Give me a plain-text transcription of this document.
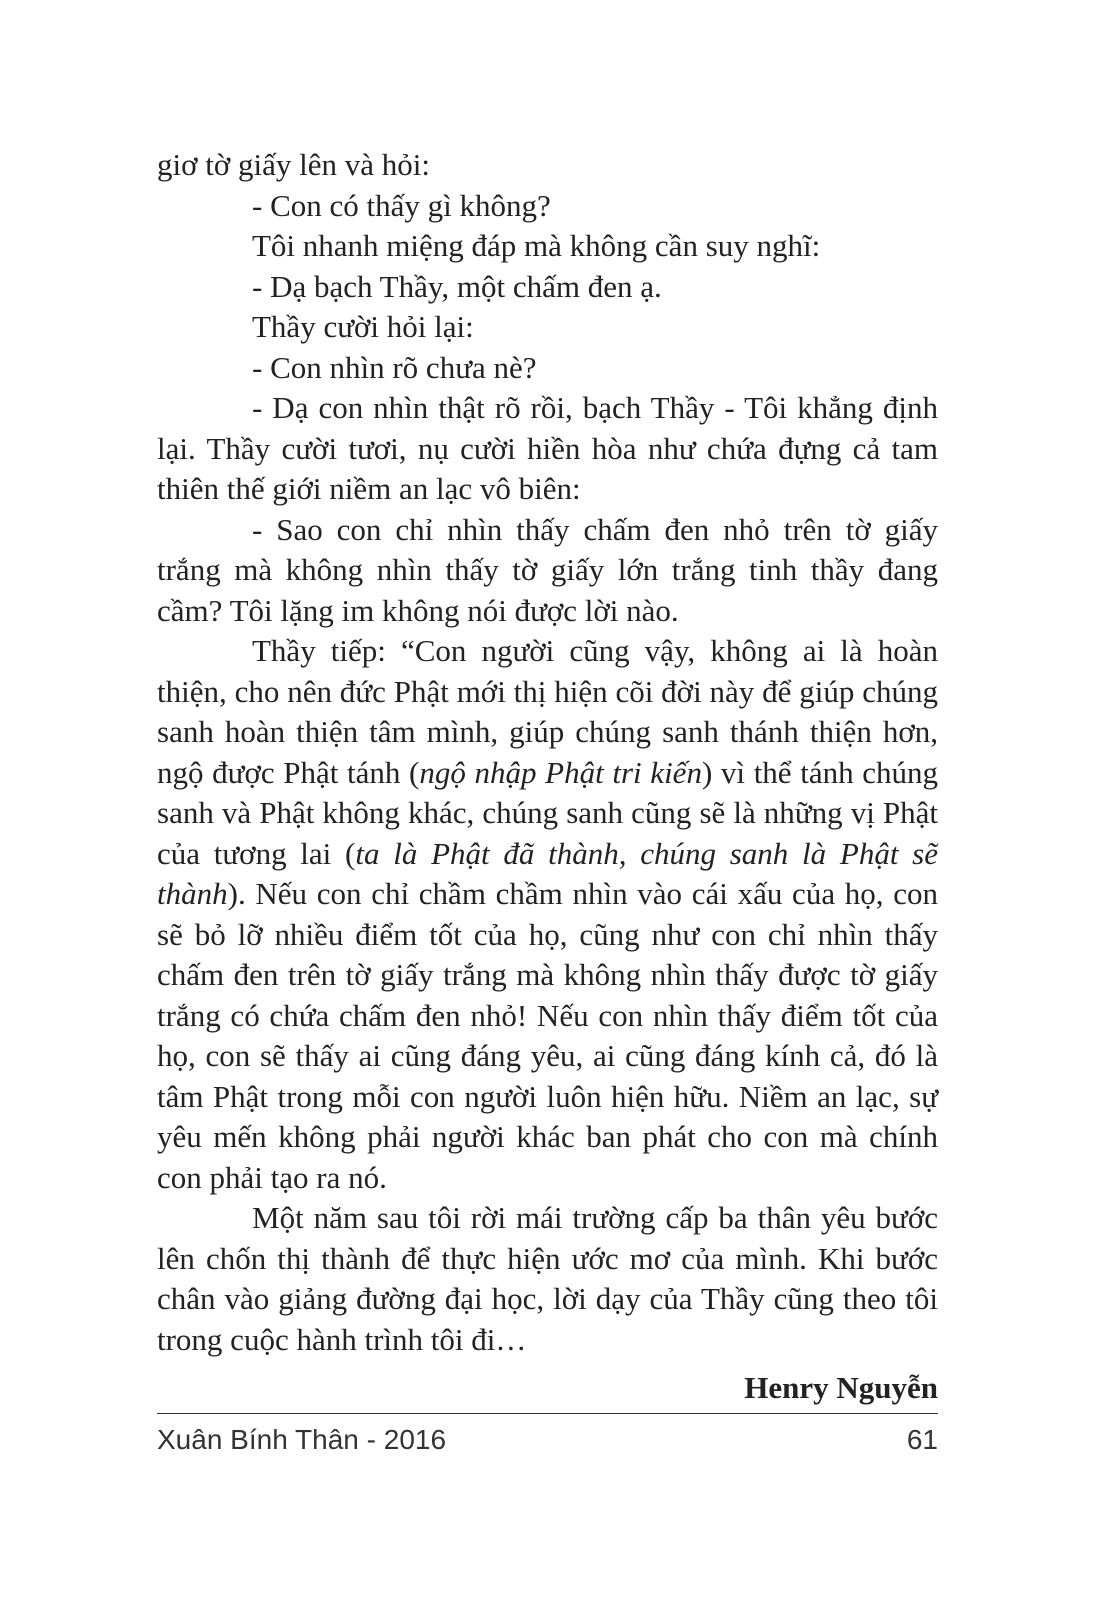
giơ tờ giấy lên và hỏi:

- Con có thấy gì không?

Tôi nhanh miệng đáp mà không cần suy nghĩ:

- Dạ bạch Thầy, một chấm đen ạ.

Thầy cười hỏi lại:

- Con nhìn rõ chưa nè?

- Dạ con nhìn thật rõ rồi, bạch Thầy - Tôi khẳng định lại. Thầy cười tươi, nụ cười hiền hòa như chứa đựng cả tam thiên thế giới niềm an lạc vô biên:

- Sao con chỉ nhìn thấy chấm đen nhỏ trên tờ giấy trắng mà không nhìn thấy tờ giấy lớn trắng tinh thầy đang cầm? Tôi lặng im không nói được lời nào.

Thầy tiếp: “Con người cũng vậy, không ai là hoàn thiện, cho nên đức Phật mới thị hiện cõi đời này để giúp chúng sanh hoàn thiện tâm mình, giúp chúng sanh thánh thiện hơn, ngộ được Phật tánh (ngộ nhập Phật tri kiến) vì thể tánh chúng sanh và Phật không khác, chúng sanh cũng sẽ là những vị Phật của tương lai (ta là Phật đã thành, chúng sanh là Phật sẽ thành). Nếu con chỉ chầm chầm nhìn vào cái xấu của họ, con sẽ bỏ lỡ nhiều điểm tốt của họ, cũng như con chỉ nhìn thấy chấm đen trên tờ giấy trắng mà không nhìn thấy được tờ giấy trắng có chứa chấm đen nhỏ! Nếu con nhìn thấy điểm tốt của họ, con sẽ thấy ai cũng đáng yêu, ai cũng đáng kính cả, đó là tâm Phật trong mỗi con người luôn hiện hữu. Niềm an lạc, sự yêu mến không phải người khác ban phát cho con mà chính con phải tạo ra nó.

Một năm sau tôi rời mái trường cấp ba thân yêu bước lên chốn thị thành để thực hiện ước mơ của mình. Khi bước chân vào giảng đường đại học, lời dạy của Thầy cũng theo tôi trong cuộc hành trình tôi đi…

Henry Nguyễn

Xuân Bính Thân - 2016	61
